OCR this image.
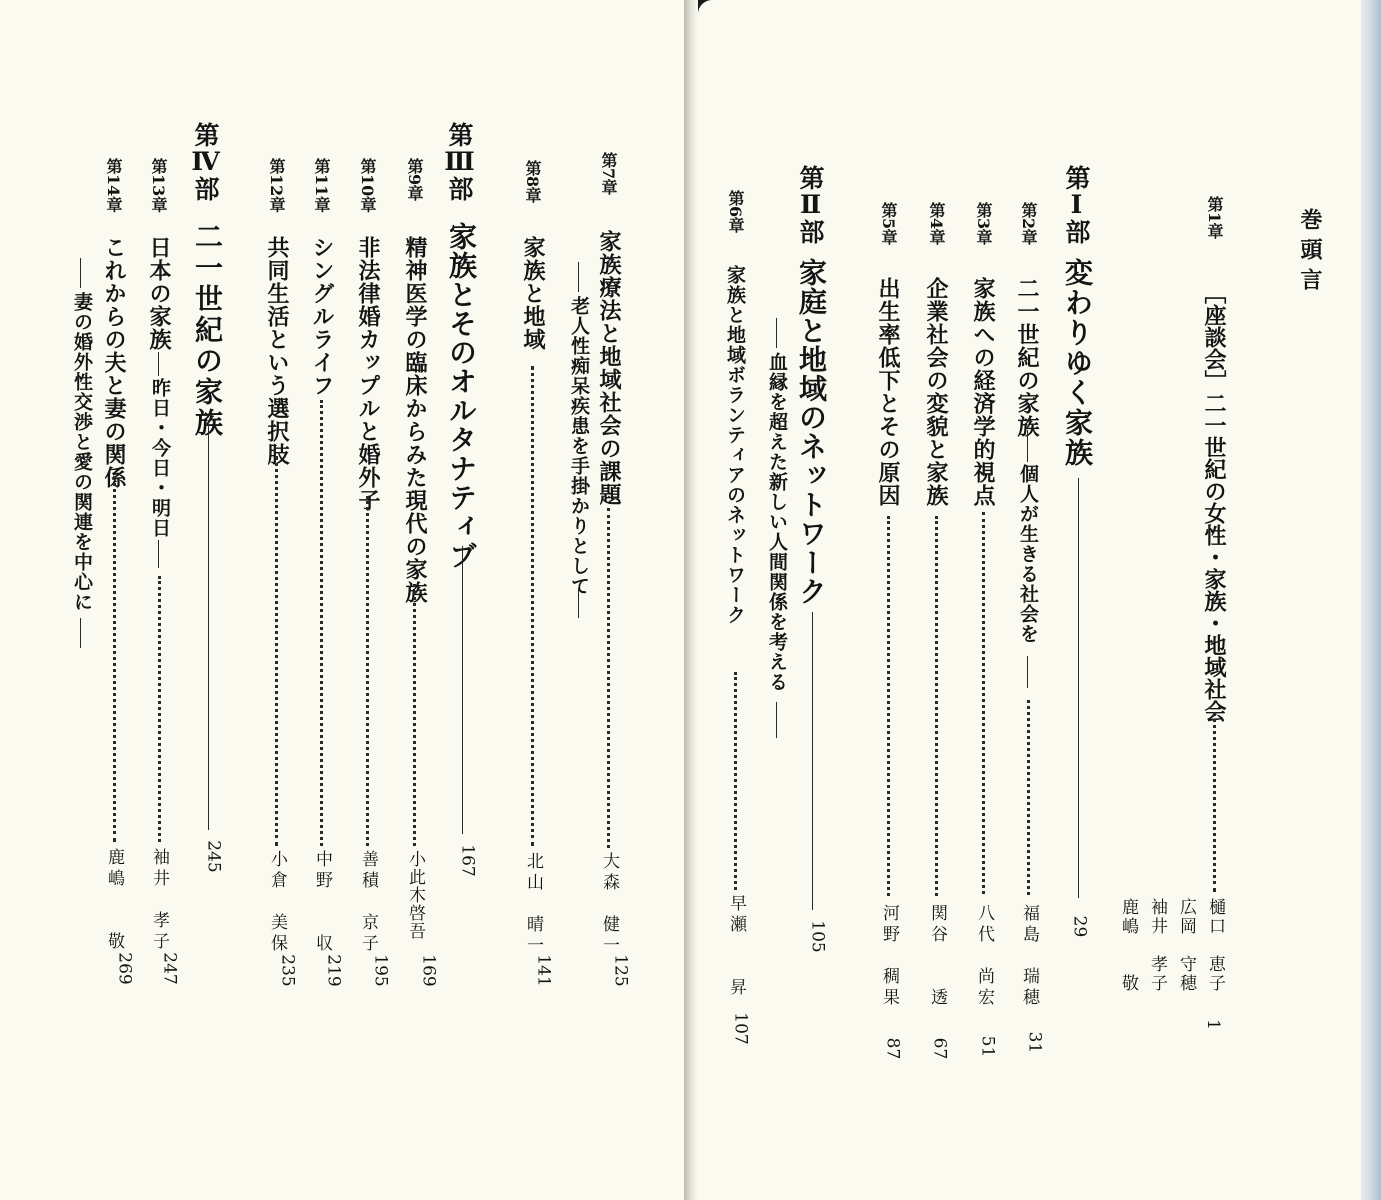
巻頭言
第1章
［座談会］二一世紀の女性・家族・地域社会
樋口　恵子
広岡　守穂
袖井　孝子
鹿嶋　　敬
1
第Ⅰ部
変わりゆく家族
29
第2章
二一世紀の家族
個人が生きる社会を
福島　瑞穂
31
第3章
家族への経済学的視点
八代　尚宏
51
第4章
企業社会の変貌と家族
関谷　　透
67
第5章
出生率低下とその原因
河野　稠果
87
第Ⅱ部
家庭と地域のネットワーク
105
血縁を超えた新しい人間関係を考える
第6章
家族と地域ボランティアのネットワーク
早瀬　　昇
107
第7章
家族療法と地域社会の課題
大森　健一
125
老人性痴呆疾患を手掛かりとして
第8章
家族と地域
北山　晴一
141
第Ⅲ部
家族とそのオルタナティブ
167
第9章
精神医学の臨床からみた現代の家族
小此木啓吾
169
第10章
非法律婚カップルと婚外子
善積　京子
195
第11章
シングルライフ
中野　　収
219
第12章
共同生活という選択肢
小倉　美保
235
第Ⅳ部
二一世紀の家族
245
第13章
日本の家族
昨日・今日・明日
袖井　孝子
247
第14章
これからの夫と妻の関係
鹿嶋　　敬
269
妻の婚外性交渉と愛の関連を中心に
